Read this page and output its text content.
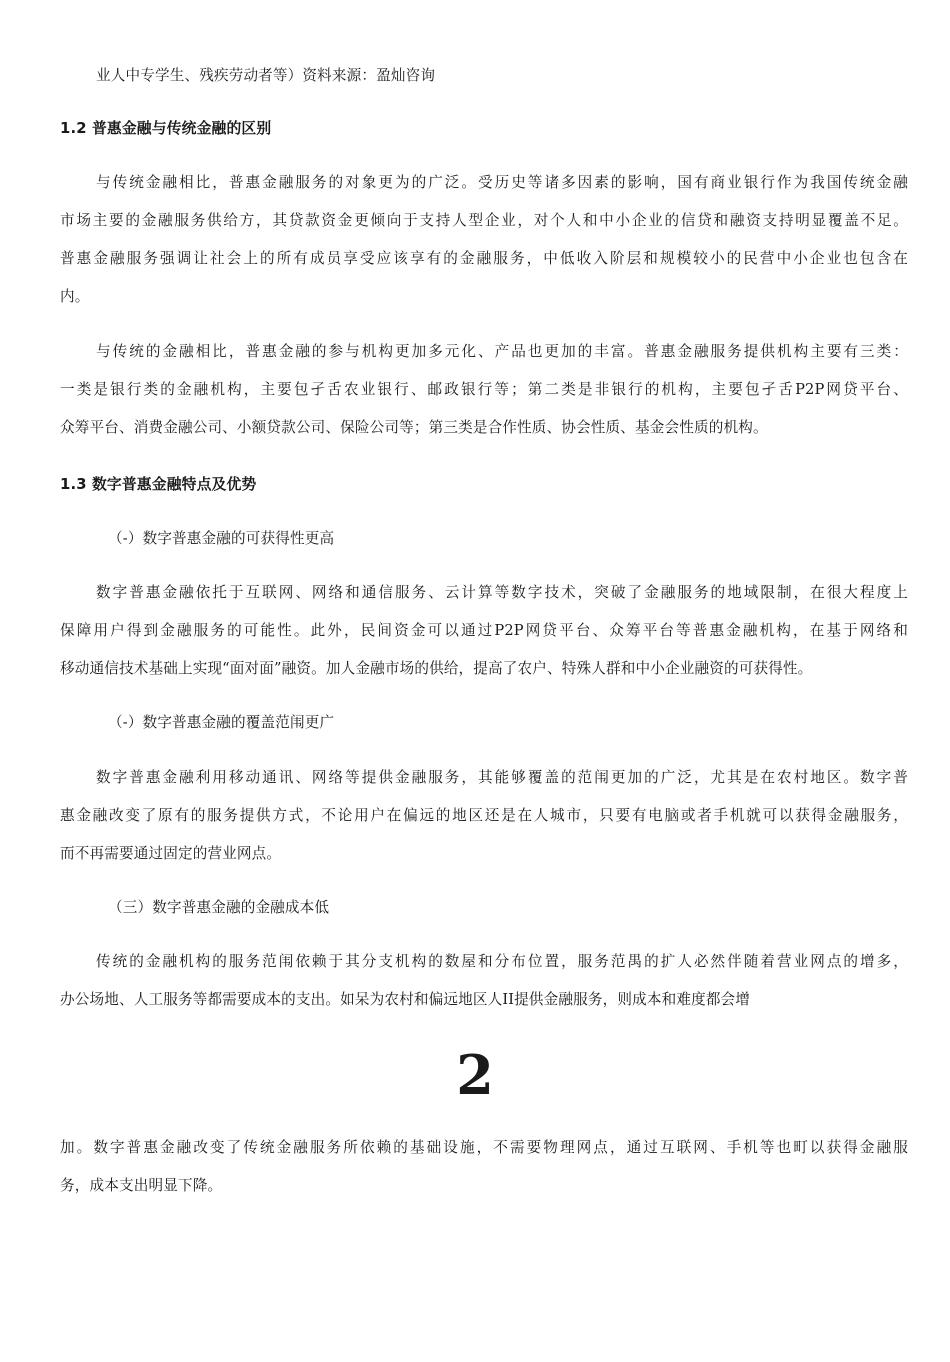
业人中专学生、残疾劳动者等）资料来源：盈灿咨询
1.2 普惠金融与传统金融的区别
与传统金融相比，普惠金融服务的对象更为的广泛。受历史等诸多因素的影响，国有商业银行作为我国传统金融
市场主要的金融服务供给方，其贷款资金更倾向于支持人型企业，对个人和中小企业的信贷和融资支持明显覆盖不足。
普惠金融服务强调让社会上的所有成员享受应该享有的金融服务，中低收入阶层和规模较小的民营中小企业也包含在
内。
与传统的金融相比，普惠金融的参与机构更加多元化、产品也更加的丰富。普惠金融服务提供机构主要有三类：
一类是银行类的金融机构，主要包孑舌农业银行、邮政银行等；第二类是非银行的机构，主要包孑舌P2P网贷平台、
众筹平台、消费金融公司、小额贷款公司、保险公司等；第三类是合作性质、协会性质、基金会性质的机构。
1.3 数字普惠金融特点及优势
（-）数字普惠金融的可获得性更高
数字普惠金融依托于互联网、网络和通信服务、云计算等数字技术，突破了金融服务的地域限制，在很大程度上
保障用户得到金融服务的可能性。此外，民间资金可以通过P2P网贷平台、众筹平台等普惠金融机构，在基于网络和
移动通信技术基础上实现“面对面”融资。加人金融市场的供给，提高了农户、特殊人群和中小企业融资的可获得性。
（-）数字普惠金融的覆盖范闱更广
数字普惠金融利用移动通讯、网络等提供金融服务，其能够覆盖的范闱更加的广泛，尤其是在农村地区。数字普
惠金融改变了原有的服务提供方式，不论用户在偏远的地区还是在人城市，只要有电脑或者手机就可以获得金融服务，
而不再需要通过固定的营业网点。
（三）数字普惠金融的金融成本低
传统的金融机构的服务范闱依赖于其分支机构的数屋和分布位置，服务范禺的扩人必然伴随着营业网点的增多，
办公场地、人工服务等都需要成本的支出。如呆为农村和偏远地区人II提供金融服务，则成本和难度都会增
2
加。数字普惠金融改变了传统金融服务所依赖的基础设施，不需要物理网点，通过互联网、手机等也町以获得金融服
务，成本支出明显下降。
